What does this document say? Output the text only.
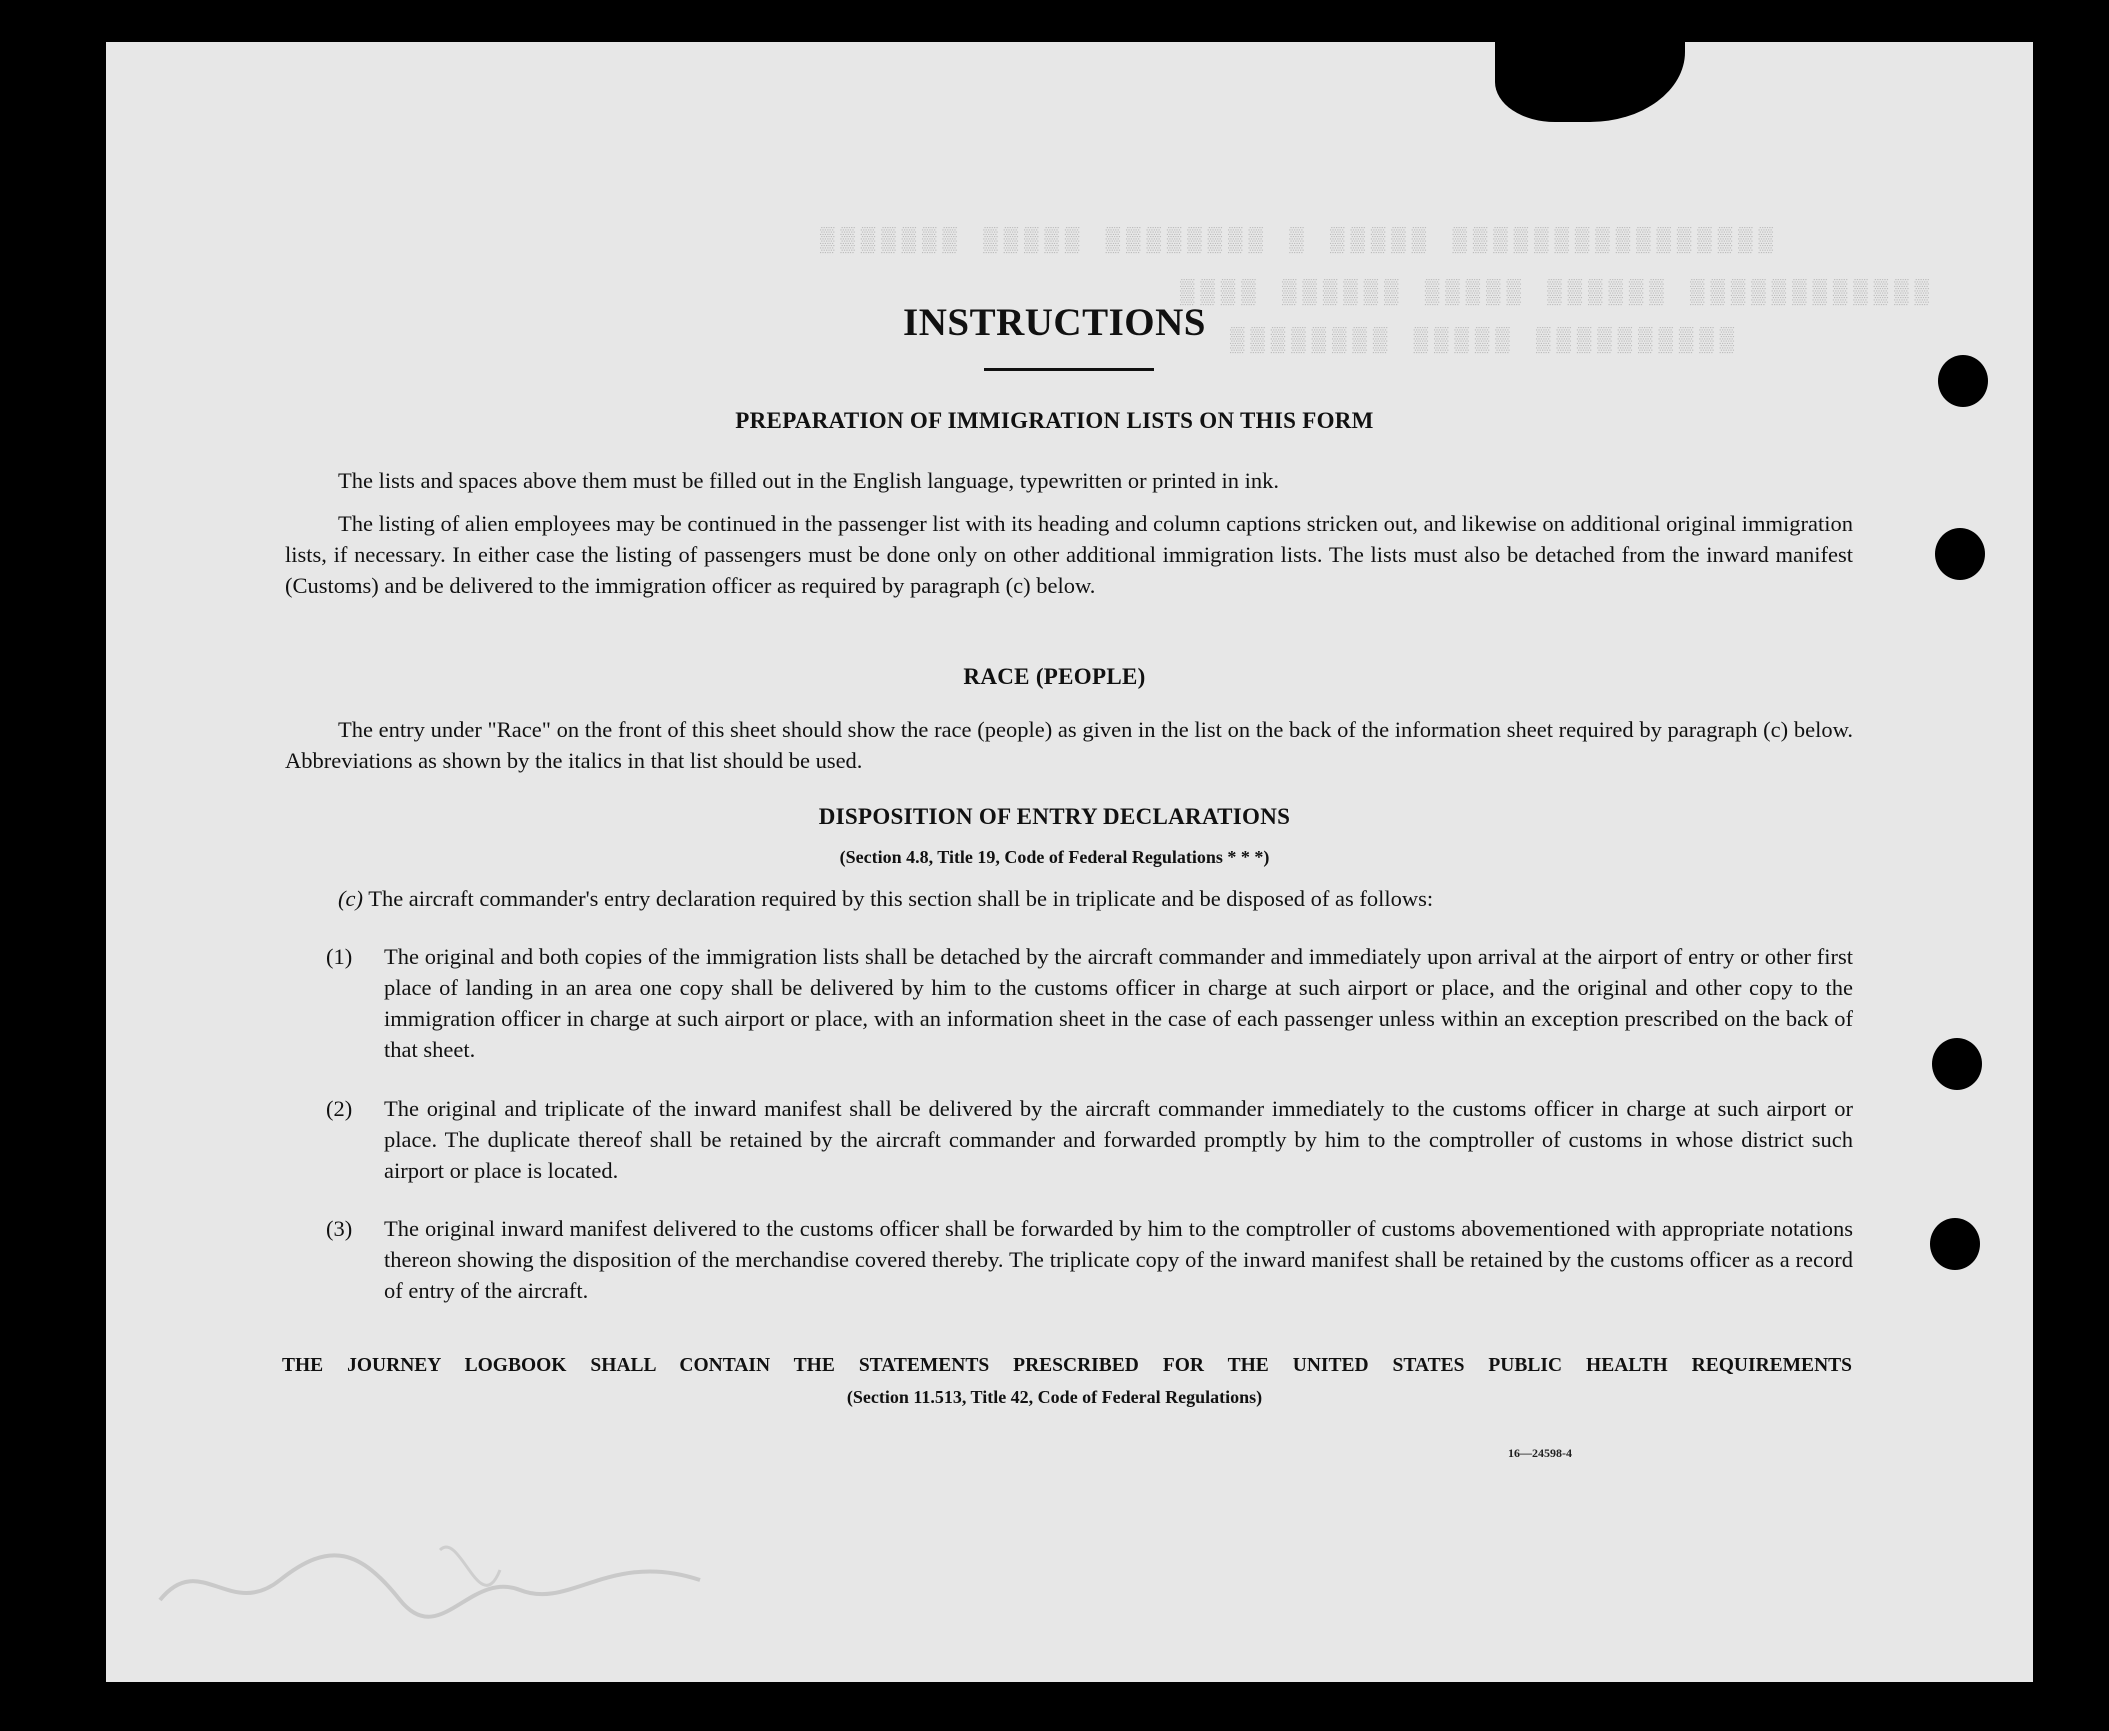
▒▒▒▒▒▒▒ ▒▒▒▒▒ ▒▒▒▒▒▒▒▒ ▒ ▒▒▒▒▒ ▒▒▒▒▒▒▒▒▒▒▒▒▒▒▒▒
▒▒▒▒ ▒▒▒▒▒▒ ▒▒▒▒▒ ▒▒▒▒▒▒ ▒▒▒▒▒▒▒▒▒▒▒▒
▒▒▒▒▒▒▒▒ ▒▒▒▒▒ ▒▒▒▒▒▒▒▒▒▒
INSTRUCTIONS
PREPARATION OF IMMIGRATION LISTS ON THIS FORM
The lists and spaces above them must be filled out in the English language, typewritten or printed in ink.
The listing of alien employees may be continued in the passenger list with its heading and column captions stricken out, and likewise on additional original immigration lists, if necessary. In either case the listing of passengers must be done only on other additional immigration lists. The lists must also be detached from the inward manifest (Customs) and be delivered to the immigration officer as required by paragraph (c) below.
RACE (PEOPLE)
The entry under "Race" on the front of this sheet should show the race (people) as given in the list on the back of the information sheet required by paragraph (c) below. Abbreviations as shown by the italics in that list should be used.
DISPOSITION OF ENTRY DECLARATIONS
(Section 4.8, Title 19, Code of Federal Regulations * * *)
(c) The aircraft commander's entry declaration required by this section shall be in triplicate and be disposed of as follows:
(1) The original and both copies of the immigration lists shall be detached by the aircraft commander and immediately upon arrival at the airport of entry or other first place of landing in an area one copy shall be delivered by him to the customs officer in charge at such airport or place, and the original and other copy to the immigration officer in charge at such airport or place, with an information sheet in the case of each passenger unless within an exception prescribed on the back of that sheet.
(2) The original and triplicate of the inward manifest shall be delivered by the aircraft commander immediately to the customs officer in charge at such airport or place. The duplicate thereof shall be retained by the aircraft commander and forwarded promptly by him to the comptroller of customs in whose district such airport or place is located.
(3) The original inward manifest delivered to the customs officer shall be forwarded by him to the comptroller of customs abovementioned with appropriate notations thereon showing the disposition of the merchandise covered thereby. The triplicate copy of the inward manifest shall be retained by the customs officer as a record of entry of the aircraft.
THE JOURNEY LOGBOOK SHALL CONTAIN THE STATEMENTS PRESCRIBED FOR THE UNITED STATES PUBLIC HEALTH REQUIREMENTS
(Section 11.513, Title 42, Code of Federal Regulations)
16—24598-4
